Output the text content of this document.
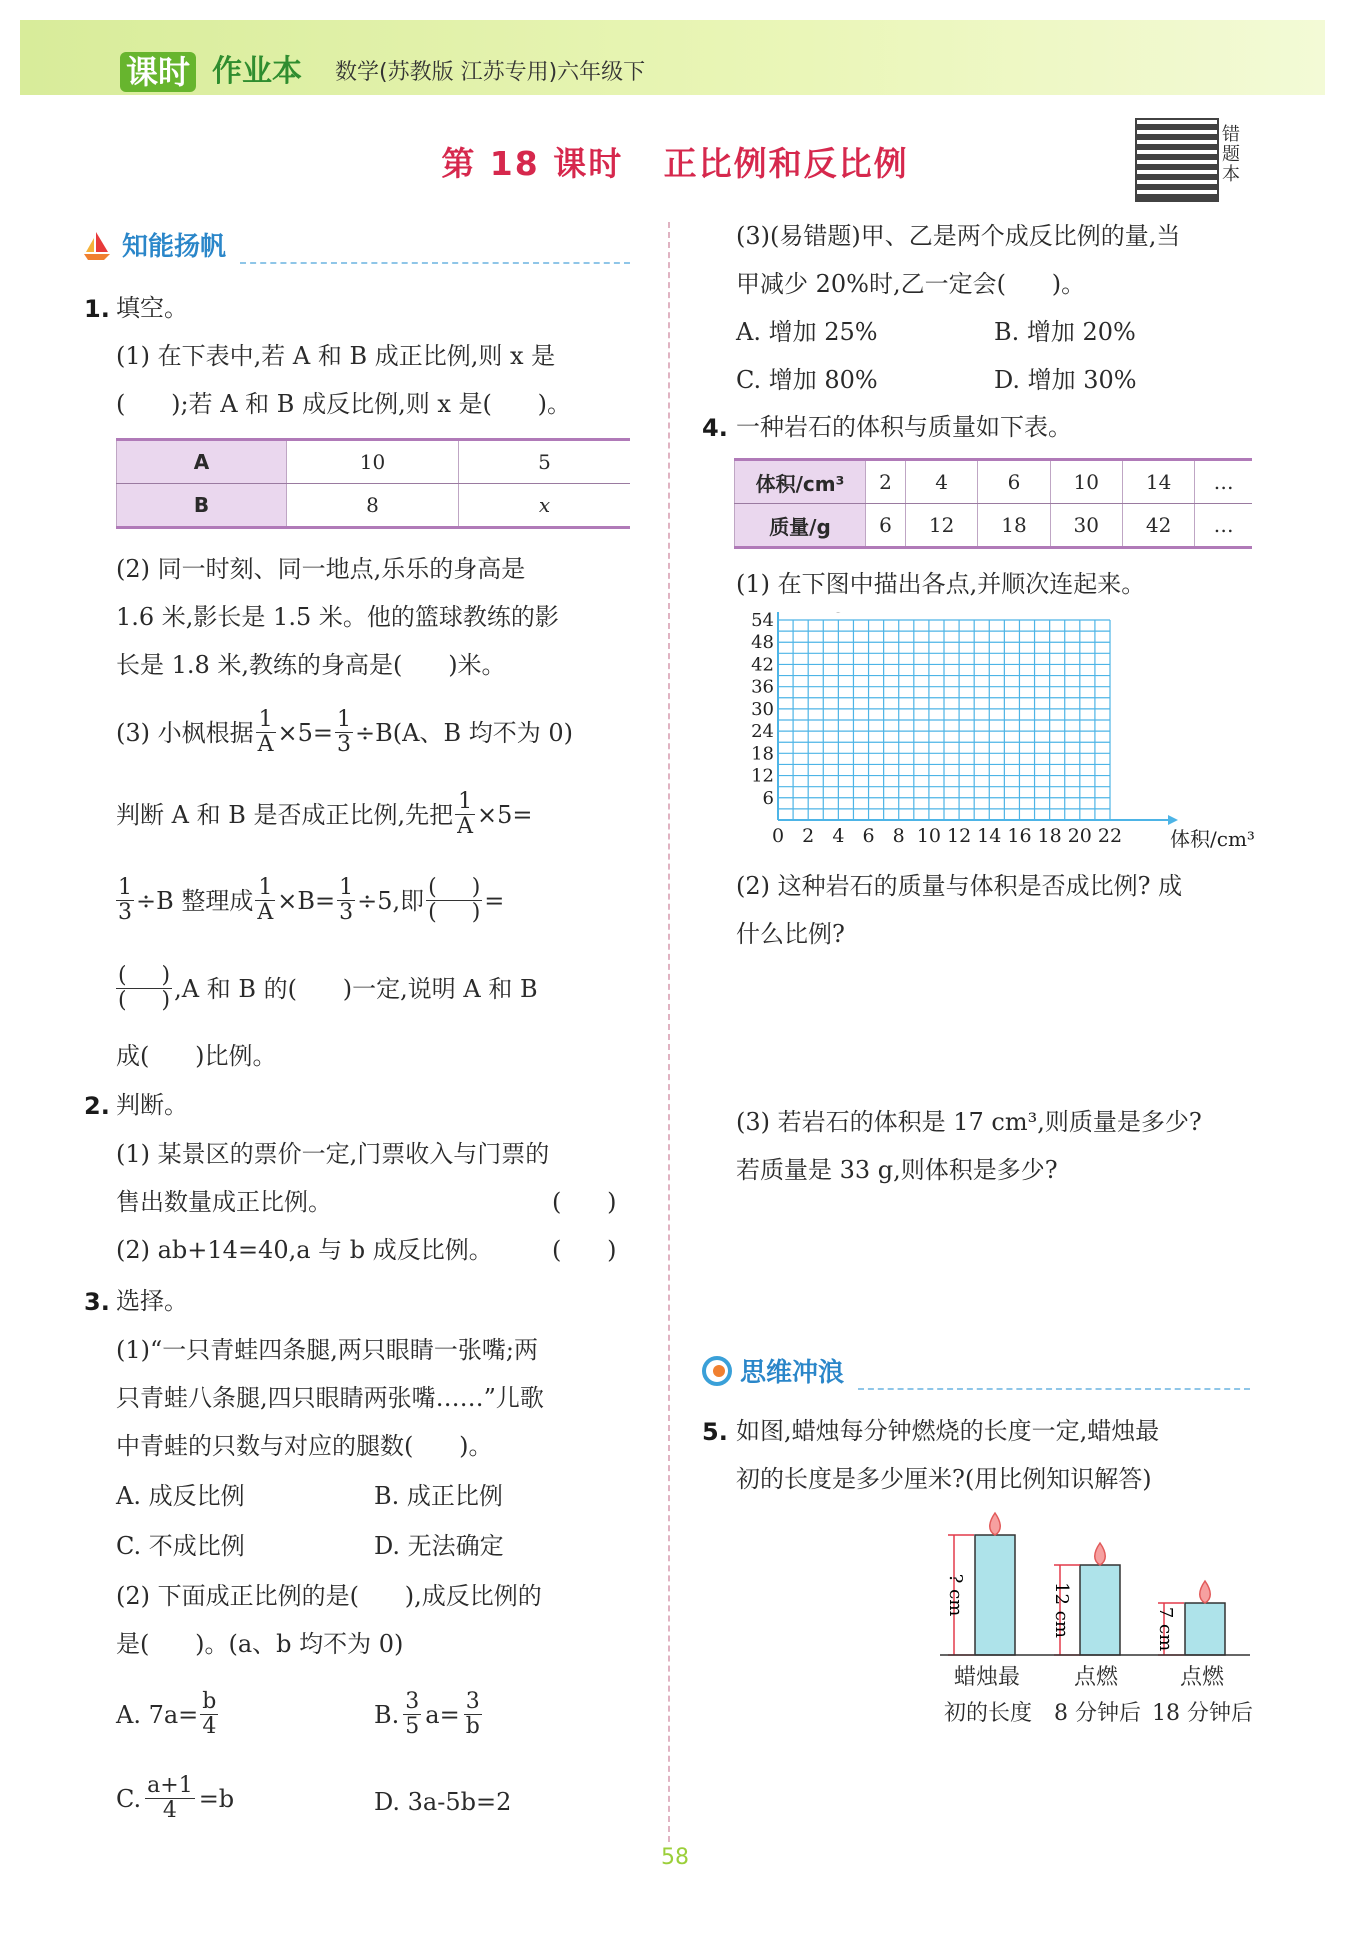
课时 作业本 数学(苏教版 江苏专用)六年级下
第 18 课时   正比例和反比例
错题本
知能扬帆
1. 填空。
(1) 在下表中,若 A 和 B 成正比例,则 x 是
(      );若 A 和 B 成反比例,则 x 是(      )。
A	10	5
B	8	x
(2) 同一时刻、同一地点,乐乐的身高是
1.6 米,影长是 1.5 米。他的篮球教练的影
长是 1.8 米,教练的身高是(      )米。
(3) 小枫根据 $\frac{1}{A} \times 5= \frac{1}{3} \div B(A$、B 均不为 0)
判断 A 和 B 是否成正比例,先把 $\frac{1}{A} \times 5=$
$\frac{1}{3} \div B$ 整理成 $\frac{1}{A} \times B= \frac{1}{3} \div 5$,即 $\frac{( )}{( )}$ =
$\frac{( )}{( )} ,A$ 和 B 的(      )一定,说明 A 和 B
成(      )比例。
2. 判断。
(1) 某景区的票价一定,门票收入与门票的
售出数量成正比例。	(      )
(2) ab+14=40,a 与 b 成反比例。 (      )
3. 选择。
(1)“一只青蛙四条腿,两只眼睛一张嘴;两
只青蛙八条腿,四只眼睛两张嘴……”儿歌
中青蛙的只数与对应的腿数(      )。
A. 成反比例	B. 成正比例
C. 不成比例	D. 无法确定
(2) 下面成正比例的是(      ),成反比例的
是(      )。(a、b 均不为 0)
A. $7a= \frac{b}{4}$	B. $\frac{3}{5} a= \frac{3}{b}$
C. $\frac{a+1}{4} =b$	D. 3a-5b=2
(3)(易错题)甲、乙是两个成反比例的量,当
甲减少 20%时,乙一定会(      )。
A. 增加 25%	B. 增加 20%
C. 增加 80%	D. 增加 30%
4. 一种岩石的体积与质量如下表。
体积/cm³	2	4	6	10	14	…
质量/g	6	12	18	30	42	…
(1) 在下图中描出各点,并顺次连起来。
0 2 4 6 8 10 12 14 16 18 20 22
6
12
18
24
30
36
42
48
54
体积/cm³
(2) 这种岩石的质量与体积是否成比例? 成
什么比例?
(3) 若岩石的体积是 17 cm³,则质量是多少?
若质量是 33 g,则体积是多少?
思维冲浪
5. 如图,蜡烛每分钟燃烧的长度一定,蜡烛最
初的长度是多少厘米?(用比例知识解答)
? cm	12 cm	7 cm
蜡烛最
初的长度
点燃
8 分钟后
点燃
18 分钟后
58
